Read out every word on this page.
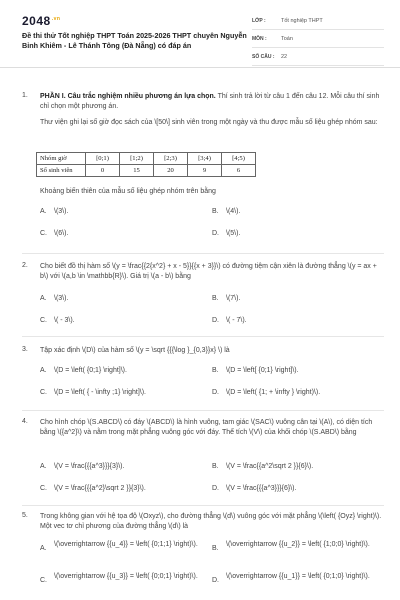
$2048^{.vn}$
Đề thi thử Tốt nghiệp THPT Toán 2025-2026 THPT chuyên Nguyễn Bỉnh Khiêm - Lê Thánh Tông (Đà Nẵng) có đáp án
LỚP :	Tốt nghiệp THPT
MÔN :	Toán
SỐ CÂU :	22
1. PHẦN I. Câu trắc nghiệm nhiều phương án lựa chọn. Thí sinh trả lời từ câu 1 đến câu 12. Mỗi câu thí sinh chỉ chọn một phương án.
Thư viện ghi lại số giờ đọc sách của \[50\] sinh viên trong một ngày và thu được mẫu số liệu ghép nhóm sau:
Nhóm giờ	[0;1)	[1;2)	[2;3)	[3;4)	[4;5)
Số sinh viên	0	15	20	9	6
Khoảng biến thiên của mẫu số liệu ghép nhóm trên bằng
A. \(3\).	B. \(4\).
C. \(6\).	D. \(5\).
2. Cho biết đồ thị hàm số \(y = \frac{{2{x^2} + x - 5}}{{x + 3}}\) có đường tiệm cận xiên là đường thẳng \(y = ax + b\) với \(a,b \in \mathbb{R}\). Giá trị \(a - b\) bằng
A. \(3\).	B. \(7\).
C. \( - 3\).	D. \( - 7\).
3. Tập xác định \(D\) của hàm số \(y = \sqrt {{{\log }_{0,3}}x} \) là
A. \(D = \left( {0;1} \right]\).	B. \(D = \left[ {0;1} \right]\).
C. \(D = \left( { - \infty ;1} \right]\).	D. \(D = \left( {1; + \infty } \right)\).
4. Cho hình chóp \(S.ABCD\) có đáy \(ABCD\) là hình vuông, tam giác \(SAC\) vuông cân tại \(A\), có diện tích bằng \({a^2}\) và nằm trong mặt phẳng vuông góc với đáy. Thể tích \(V\) của khối chóp \(S.ABD\) bằng
A. \(V = \frac{{{a^3}}}{3}\).	B. \(V = \frac{{a^2\sqrt 2 }}{6}\).
C. \(V = \frac{{{a^2}\sqrt 2 }}{3}\).	D. \(V = \frac{{{a^3}}}{6}\).
5. Trong không gian với hệ tọa độ \(Oxyz\), cho đường thẳng \(d\) vuông góc với mặt phẳng \(\left( {Oyz} \right)\). Một vec tơ chỉ phương của đường thẳng \(d\) là
A.
\(\overrightarrow {{u_4}} = \left( {0;1;1} \right)\).
B.
\(\overrightarrow {{u_2}} = \left( {1;0;0} \right)\).
C.
\(\overrightarrow {{u_3}} = \left( {0;0;1} \right)\).
D.
\(\overrightarrow {{u_1}} = \left( {0;1;0} \right)\).
